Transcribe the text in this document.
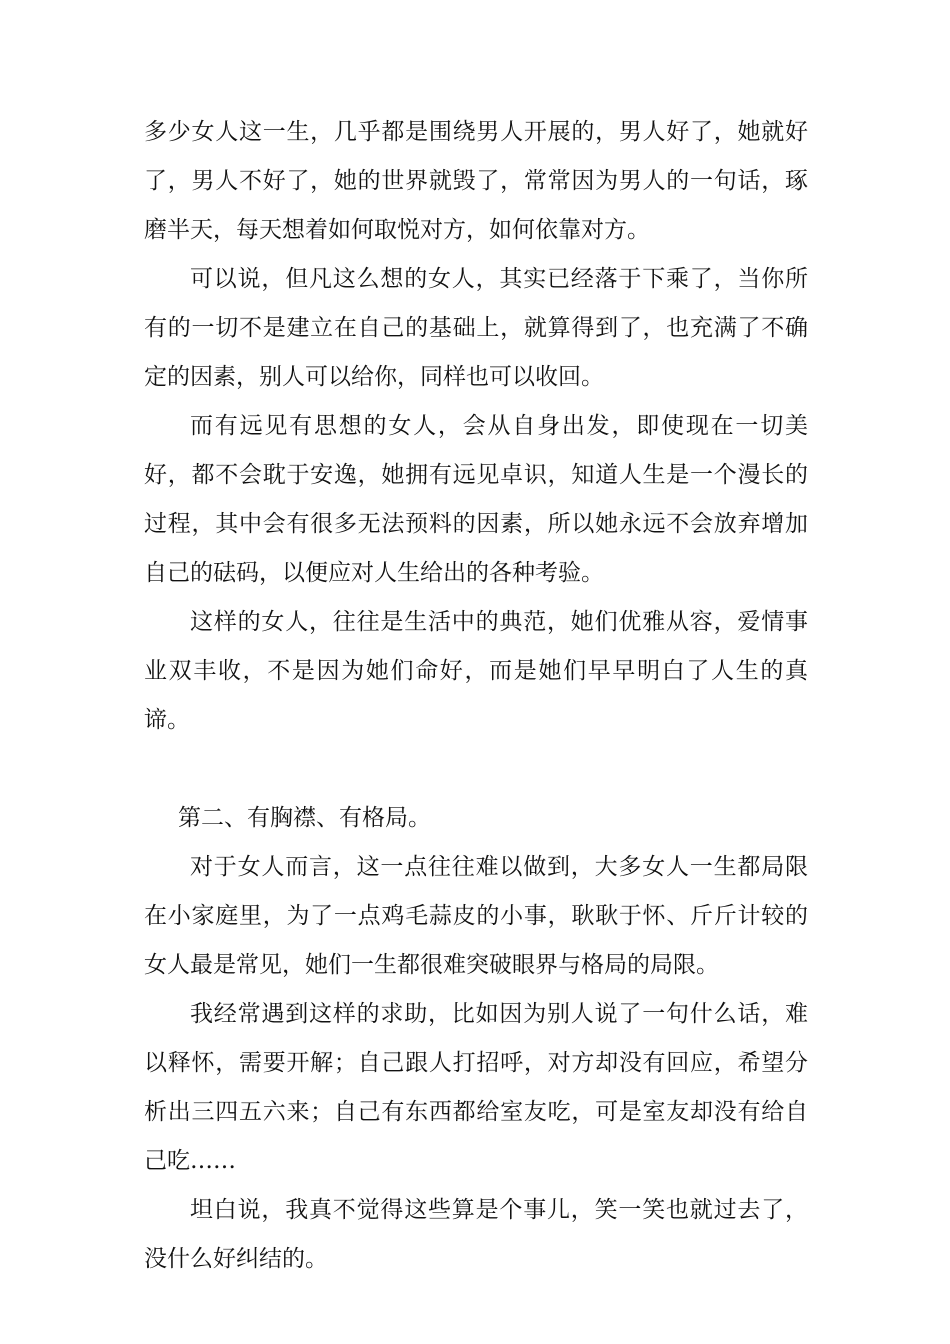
多少女人这一生，几乎都是围绕男人开展的，男人好了，她就好了，男人不好了，她的世界就毁了，常常因为男人的一句话，琢磨半天，每天想着如何取悦对方，如何依靠对方。

可以说，但凡这么想的女人，其实已经落于下乘了，当你所有的一切不是建立在自己的基础上，就算得到了，也充满了不确定的因素，别人可以给你，同样也可以收回。

而有远见有思想的女人，会从自身出发，即使现在一切美好，都不会耽于安逸，她拥有远见卓识，知道人生是一个漫长的过程，其中会有很多无法预料的因素，所以她永远不会放弃增加自己的砝码，以便应对人生给出的各种考验。

这样的女人，往往是生活中的典范，她们优雅从容，爱情事业双丰收，不是因为她们命好，而是她们早早明白了人生的真谛。

第二、有胸襟、有格局。

对于女人而言，这一点往往难以做到，大多女人一生都局限在小家庭里，为了一点鸡毛蒜皮的小事，耿耿于怀、斤斤计较的女人最是常见，她们一生都很难突破眼界与格局的局限。

我经常遇到这样的求助，比如因为别人说了一句什么话，难以释怀，需要开解；自己跟人打招呼，对方却没有回应，希望分析出三四五六来；自己有东西都给室友吃，可是室友却没有给自己吃……

坦白说，我真不觉得这些算是个事儿，笑一笑也就过去了，没什么好纠结的。
